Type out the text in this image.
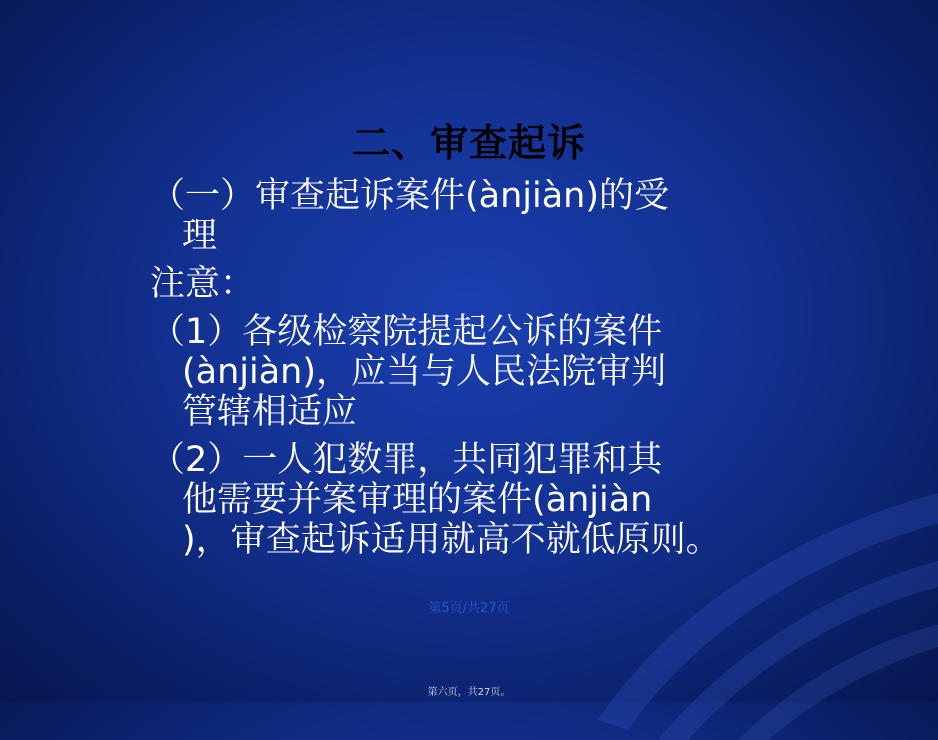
二、审查起诉
（一）审查起诉案件(ànjiàn)的受
理
注意：
（1）各级检察院提起公诉的案件
(ànjiàn)，应当与人民法院审判
管辖相适应
（2）一人犯数罪，共同犯罪和其
他需要并案审理的案件(ànjiàn
)，审查起诉适用就高不就低原则。
第5页/共27页
第六页，共27页。
